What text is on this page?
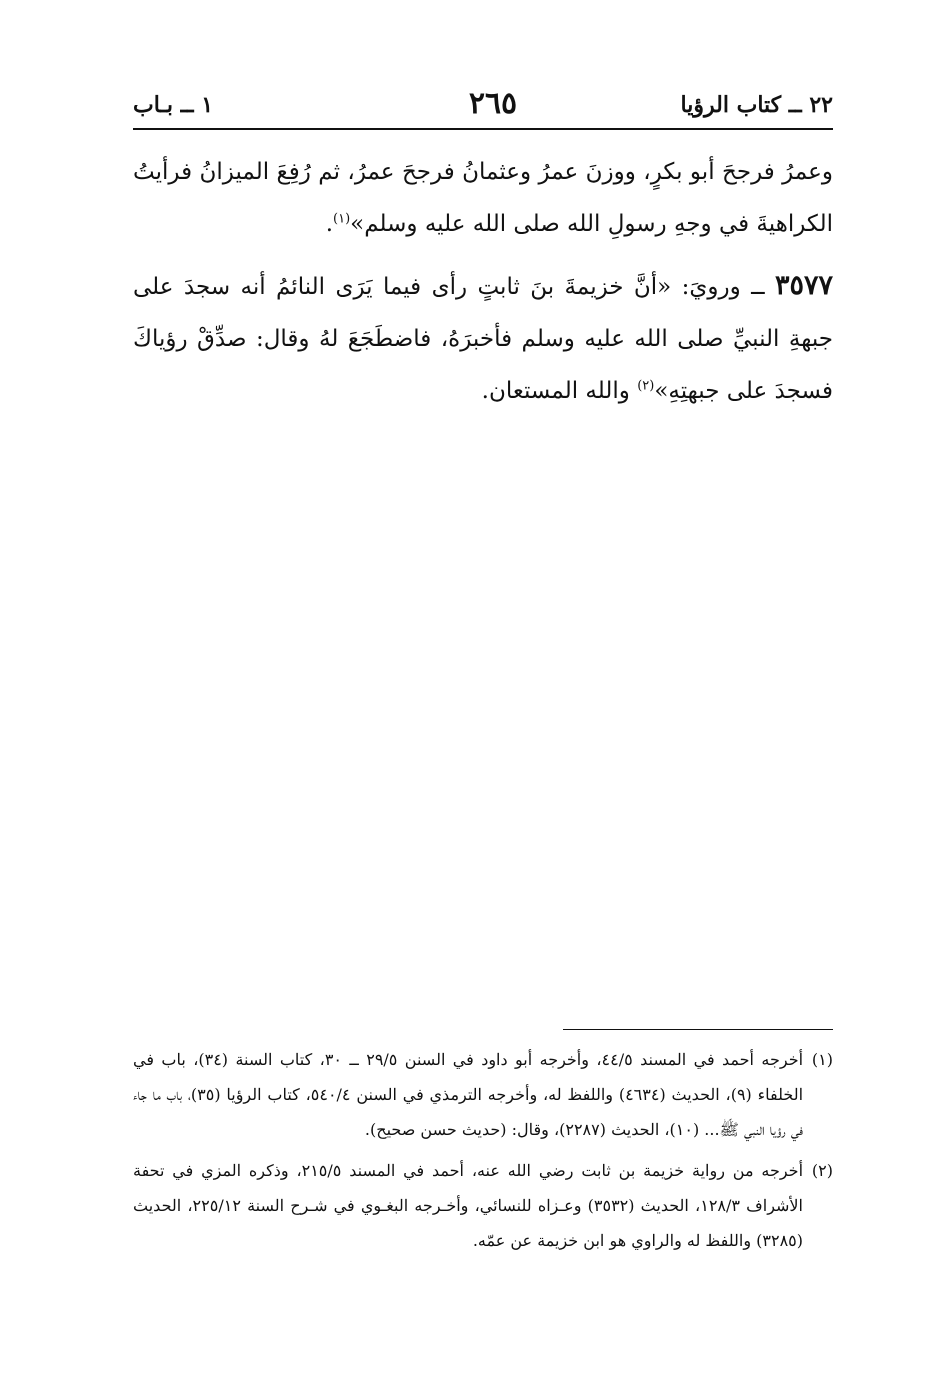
٢٢ ــ كتاب الرؤيا
٢٦٥
١ ــ بـاب

وعمرُ فرجحَ أبو بكرٍ، ووزنَ عمرُ وعثمانُ فرجحَ عمرُ، ثم رُفِعَ الميزانُ فرأيتُ الكراهيةَ في وجهِ رسولِ الله صلى الله عليه وسلم»$^{(١)}$.

٣٥٧٧ ــ ورويَ: «أنَّ خزيمةَ بنَ ثابتٍ رأى فيما يَرَى النائمُ أنه سجدَ على جبهةِ النبيِّ صلى الله عليه وسلم فأخبرَهُ، فاضطَجَعَ لهُ وقال: صدِّقْ رؤياكَ فسجدَ على جبهتِهِ»$^{(٢)}$ والله المستعان.

(١)
أخرجه أحمد في المسند ٤٤/٥، وأخرجه أبو داود في السنن ٢٩/٥ ــ ٣٠، كتاب السنة (٣٤)، باب في الخلفاء (٩)، الحديث (٤٦٣٤) واللفظ له، وأخرجه الترمذي في السنن ٥٤٠/٤، كتاب الرؤيا (٣٥)، باب ما جاء في رؤيا النبي ﷺ... (١٠)، الحديث (٢٢٨٧)، وقال: (حديث حسن صحيح).
(٢)
أخرجه من رواية خزيمة بن ثابت رضي الله عنه، أحمد في المسند ٢١٥/٥، وذكره المزي في تحفة الأشراف ١٢٨/٣، الحديث (٣٥٣٢) وعـزاه للنسائي، وأخـرجه البغـوي في شـرح السنة ٢٢٥/١٢، الحديث (٣٢٨٥) واللفظ له والراوي هو ابن خزيمة عن عمّه.
